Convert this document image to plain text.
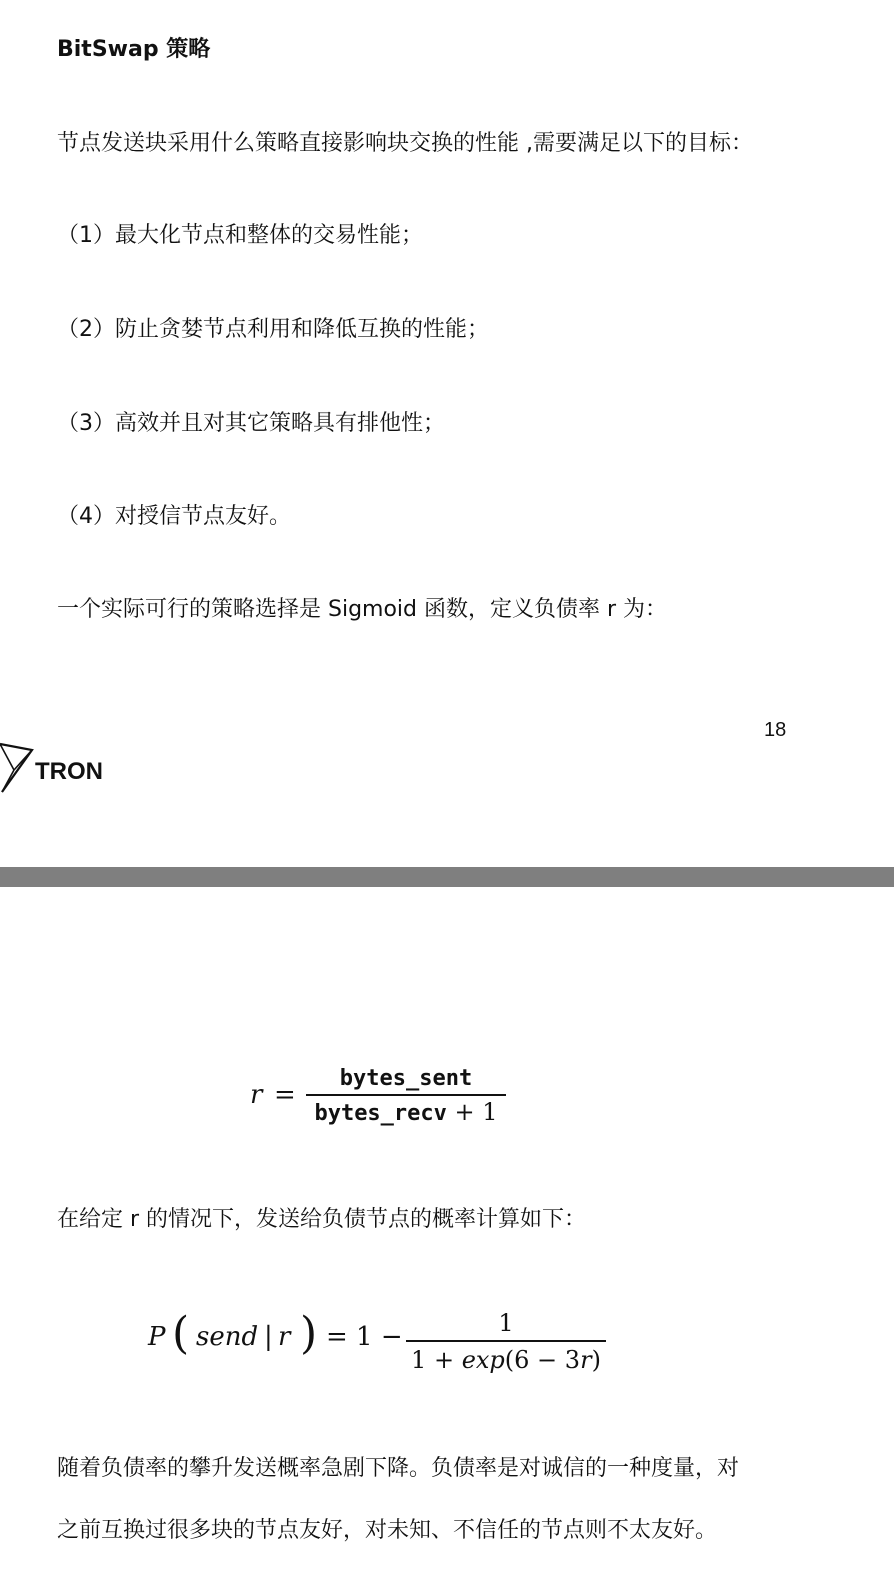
BitSwap 策略
节点发送块采用什么策略直接影响块交换的性能 ,需要满足以下的目标：
（1）最大化节点和整体的交易性能；
（2）防止贪婪节点利用和降低互换的性能；
（3）高效并且对其它策略具有排他性；
（4）对授信节点友好。
一个实际可行的策略选择是 Sigmoid 函数，定义负债率 r 为：
18
TRON
r =
bytes_sent
bytes_recv + 1
在给定 r 的情况下，发送给负债节点的概率计算如下：
P ( send | r ) = 1 −	1
1 + exp(6 − 3r)
随着负债率的攀升发送概率急剧下降。负债率是对诚信的一种度量，对
之前互换过很多块的节点友好，对未知、不信任的节点则不太友好。
